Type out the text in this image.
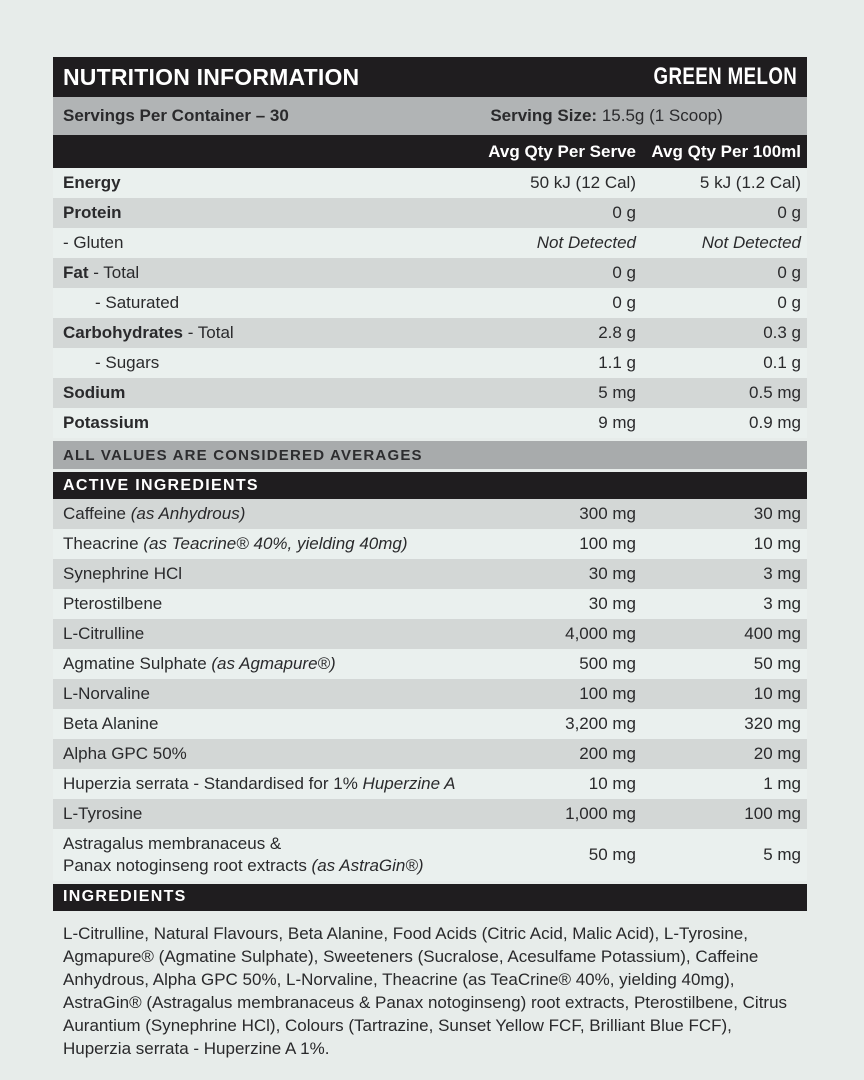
NUTRITION INFORMATION	GREEN MELON
Servings Per Container – 30	Serving Size: 15.5g (1 Scoop)
Avg Qty Per Serve Avg Qty Per 100ml
Energy	50 kJ (12 Cal)	5 kJ (1.2 Cal)
Protein	0 g	0 g
- Gluten	Not Detected	Not Detected
Fat - Total	0 g	0 g
- Saturated	0 g	0 g
Carbohydrates - Total	2.8 g	0.3 g
- Sugars	1.1 g	0.1 g
Sodium	5 mg	0.5 mg
Potassium	9 mg	0.9 mg
ALL VALUES ARE CONSIDERED AVERAGES
ACTIVE INGREDIENTS
Caffeine (as Anhydrous)	300 mg	30 mg
Theacrine (as Teacrine® 40%, yielding 40mg)	100 mg	10 mg
Synephrine HCl	30 mg	3 mg
Pterostilbene	30 mg	3 mg
L-Citrulline	4,000 mg	400 mg
Agmatine Sulphate (as Agmapure®)	500 mg	50 mg
L-Norvaline	100 mg	10 mg
Beta Alanine	3,200 mg	320 mg
Alpha GPC 50%	200 mg	20 mg
Huperzia serrata - Standardised for 1% Huperzine A	10 mg	1 mg
L-Tyrosine	1,000 mg	100 mg
Astragalus membranaceus &
Panax notoginseng root extracts (as AstraGin®)
50 mg	5 mg
INGREDIENTS

L-Citrulline, Natural Flavours, Beta Alanine, Food Acids (Citric Acid, Malic Acid), L-Tyrosine, Agmapure® (Agmatine Sulphate), Sweeteners (Sucralose, Acesulfame Potassium), Caffeine Anhydrous, Alpha GPC 50%, L-Norvaline, Theacrine (as TeaCrine® 40%, yielding 40mg), AstraGin® (Astragalus membranaceus & Panax notoginseng) root extracts, Pterostilbene, Citrus Aurantium (Synephrine HCl), Colours (Tartrazine, Sunset Yellow FCF, Brilliant Blue FCF), Huperzia serrata - Huperzine A 1%.
